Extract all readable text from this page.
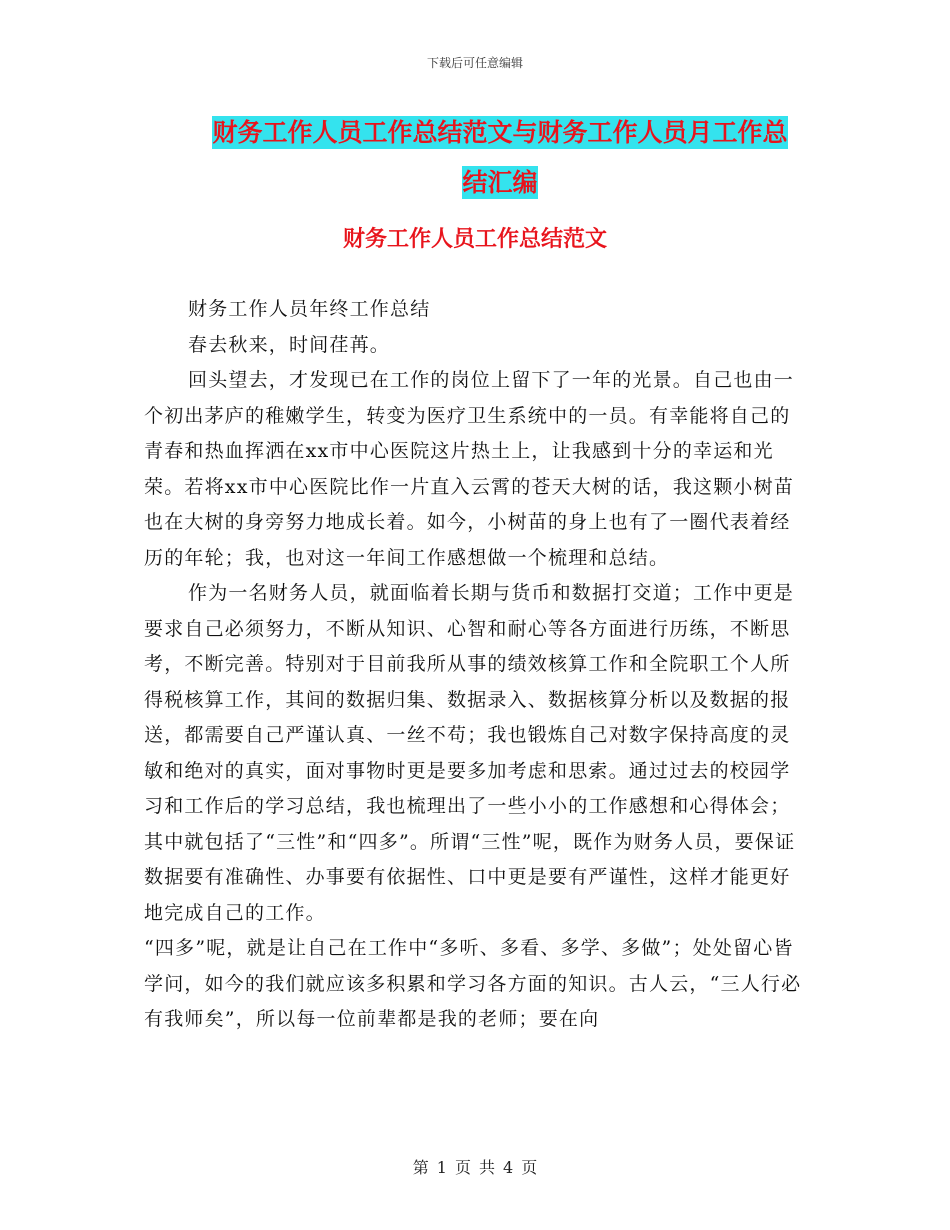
下载后可任意编辑
财务工作人员工作总结范文与财务工作人员月工作总
结汇编
财务工作人员工作总结范文

财务工作人员年终工作总结

春去秋来，时间荏苒。

回头望去，才发现已在工作的岗位上留下了一年的光景。自己也由一个初出茅庐的稚嫩学生，转变为医疗卫生系统中的一员。有幸能将自己的青春和热血挥洒在xx市中心医院这片热土上，让我感到十分的幸运和光荣。若将xx市中心医院比作一片直入云霄的苍天大树的话，我这颗小树苗也在大树的身旁努力地成长着。如今，小树苗的身上也有了一圈代表着经历的年轮；我，也对这一年间工作感想做一个梳理和总结。

作为一名财务人员，就面临着长期与货币和数据打交道；工作中更是要求自己必须努力，不断从知识、心智和耐心等各方面进行历练，不断思考，不断完善。特别对于目前我所从事的绩效核算工作和全院职工个人所得税核算工作，其间的数据归集、数据录入、数据核算分析以及数据的报送，都需要自己严谨认真、一丝不苟；我也锻炼自己对数字保持高度的灵敏和绝对的真实，面对事物时更是要多加考虑和思索。通过过去的校园学习和工作后的学习总结，我也梳理出了一些小小的工作感想和心得体会；其中就包括了“三性”和“四多”。所谓“三性”呢，既作为财务人员，要保证数据要有准确性、办事要有依据性、口中更是要有严谨性，这样才能更好地完成自己的工作。

“四多”呢，就是让自己在工作中“多听、多看、多学、多做”；处处留心皆学问，如今的我们就应该多积累和学习各方面的知识。古人云，“三人行必有我师矣”，所以每一位前辈都是我的老师；要在向

第 1 页 共 4 页
